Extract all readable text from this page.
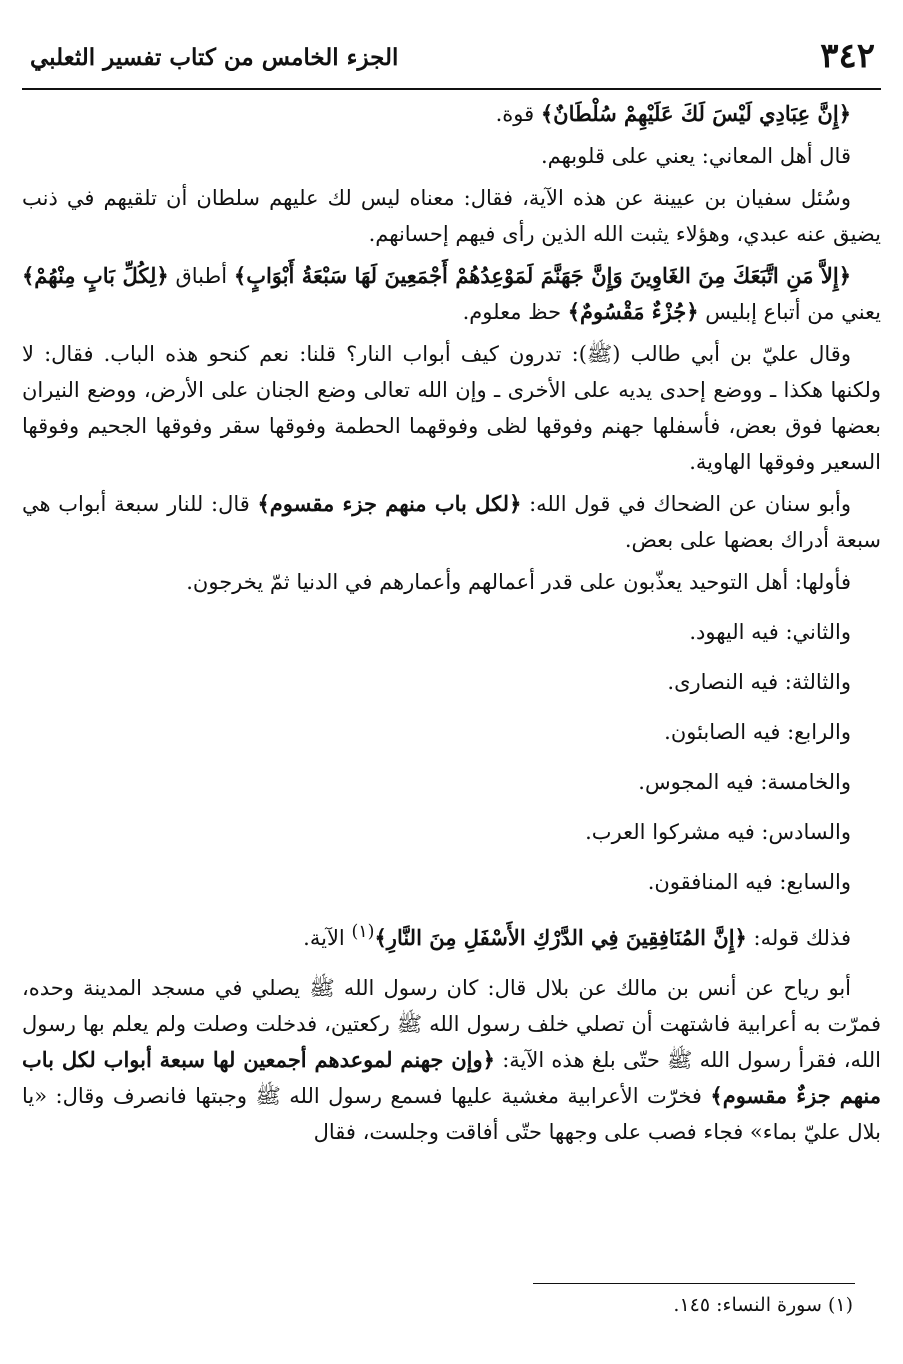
٣٤٢
الجزء الخامس من كتاب تفسير الثعلبي

﴿إِنَّ عِبَادِي لَيْسَ لَكَ عَلَيْهِمْ سُلْطَانٌ﴾ قوة.

قال أهل المعاني: يعني على قلوبهم.

وسُئل سفيان بن عيينة عن هذه الآية، فقال: معناه ليس لك عليهم سلطان أن تلقيهم في ذنب يضيق عنه عبدي، وهؤلاء يثبت الله الذين رأى فيهم إحسانهم.

﴿إِلاَّ مَنِ اتَّبَعَكَ مِنَ الغَاوِينَ وَإِنَّ جَهَنَّمَ لَمَوْعِدُهُمْ أَجْمَعِينَ لَهَا سَبْعَةُ أَبْوَابٍ﴾ أطباق ﴿لِكُلِّ بَابٍ مِنْهُمْ﴾ يعني من أتباع إبليس ﴿جُزْءٌ مَقْسُومٌ﴾ حظ معلوم.

وقال عليّ بن أبي طالب (ﷺ): تدرون كيف أبواب النار؟ قلنا: نعم كنحو هذه الباب. فقال: لا ولكنها هكذا ـ ووضع إحدى يديه على الأخرى ـ وإن الله تعالى وضع الجنان على الأرض، ووضع النيران بعضها فوق بعض، فأسفلها جهنم وفوقها لظى وفوقهما الحطمة وفوقها سقر وفوقها الجحيم وفوقها السعير وفوقها الهاوية.

وأبو سنان عن الضحاك في قول الله: ﴿لكل باب منهم جزء مقسوم﴾ قال: للنار سبعة أبواب هي سبعة أدراك بعضها على بعض.

فأولها: أهل التوحيد يعذّبون على قدر أعمالهم وأعمارهم في الدنيا ثمّ يخرجون.

والثاني: فيه اليهود.

والثالثة: فيه النصارى.

والرابع: فيه الصابئون.

والخامسة: فيه المجوس.

والسادس: فيه مشركوا العرب.

والسابع: فيه المنافقون.

فذلك قوله: ﴿إِنَّ المُنَافِقِينَ فِي الدَّرْكِ الأَسْفَلِ مِنَ النَّارِ﴾$^{(١)}$ الآية.

أبو رياح عن أنس بن مالك عن بلال قال: كان رسول الله ﷺ يصلي في مسجد المدينة وحده، فمرّت به أعرابية فاشتهت أن تصلي خلف رسول الله ﷺ ركعتين، فدخلت وصلت ولم يعلم بها رسول الله، فقرأ رسول الله ﷺ حتّى بلغ هذه الآية: ﴿وإن جهنم لموعدهم أجمعين لها سبعة أبواب لكل باب منهم جزءٌ مقسوم﴾ فخرّت الأعرابية مغشية عليها فسمع رسول الله ﷺ وجبتها فانصرف وقال: «يا بلال عليّ بماء» فجاء فصب على وجهها حتّى أفاقت وجلست، فقال

(١) سورة النساء: ١٤٥.
